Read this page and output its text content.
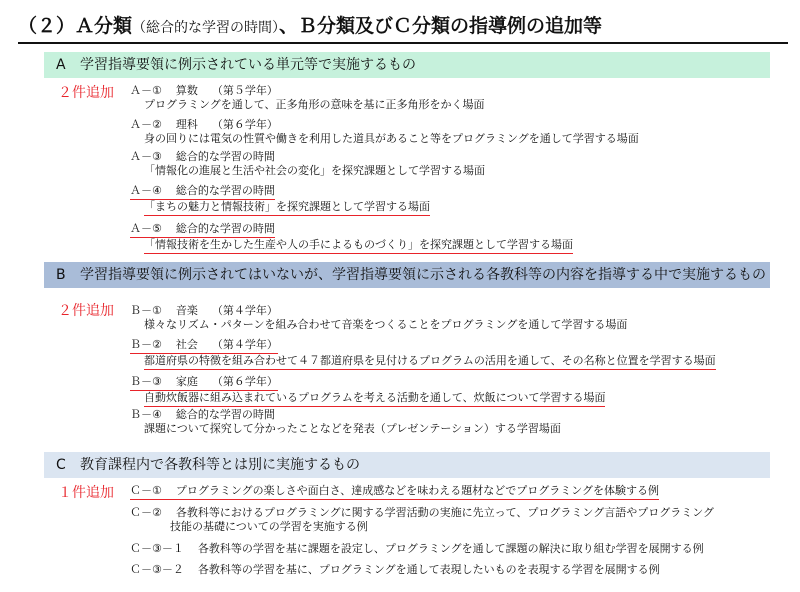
（２）Ａ分類（総合的な学習の時間）、Ｂ分類及びＣ分類の指導例の追加等
A 学習指導要領に例示されている単元等で実施するもの
２件追加 Ａ－① 算数 （第５学年）
プログラミングを通して、正多角形の意味を基に正多角形をかく場面
Ａ－② 理科 （第６学年）
身の回りには電気の性質や働きを利用した道具があること等をプログラミングを通して学習する場面
Ａ－③ 総合的な学習の時間
「情報化の進展と生活や社会の変化」を探究課題として学習する場面
Ａ－④ 総合的な学習の時間
「まちの魅力と情報技術」を探究課題として学習する場面
Ａ－⑤ 総合的な学習の時間
「情報技術を生かした生産や人の手によるものづくり」を探究課題として学習する場面
B 学習指導要領に例示されてはいないが、学習指導要領に示される各教科等の内容を指導する中で実施するもの
２件追加 Ｂ－① 音楽 （第４学年）
様々なリズム・パターンを組み合わせて音楽をつくることをプログラミングを通して学習する場面
Ｂ－② 社会 （第４学年）
都道府県の特徴を組み合わせて４７都道府県を見付けるプログラムの活用を通して、その名称と位置を学習する場面
Ｂ－③ 家庭 （第６学年）
自動炊飯器に組み込まれているプログラムを考える活動を通して、炊飯について学習する場面
Ｂ－④ 総合的な学習の時間
課題について探究して分かったことなどを発表（プレゼンテーション）する学習場面
C 教育課程内で各教科等とは別に実施するもの
１件追加 Ｃ－① プログラミングの楽しさや面白さ、達成感などを味わえる題材などでプログラミングを体験する例
Ｃ－② 各教科等におけるプログラミングに関する学習活動の実施に先立って、プログラミング言語やプログラミング
技能の基礎についての学習を実施する例
Ｃ－③－１ 各教科等の学習を基に課題を設定し、プログラミングを通して課題の解決に取り組む学習を展開する例
Ｃ－③－２ 各教科等の学習を基に、プログラミングを通して表現したいものを表現する学習を展開する例
